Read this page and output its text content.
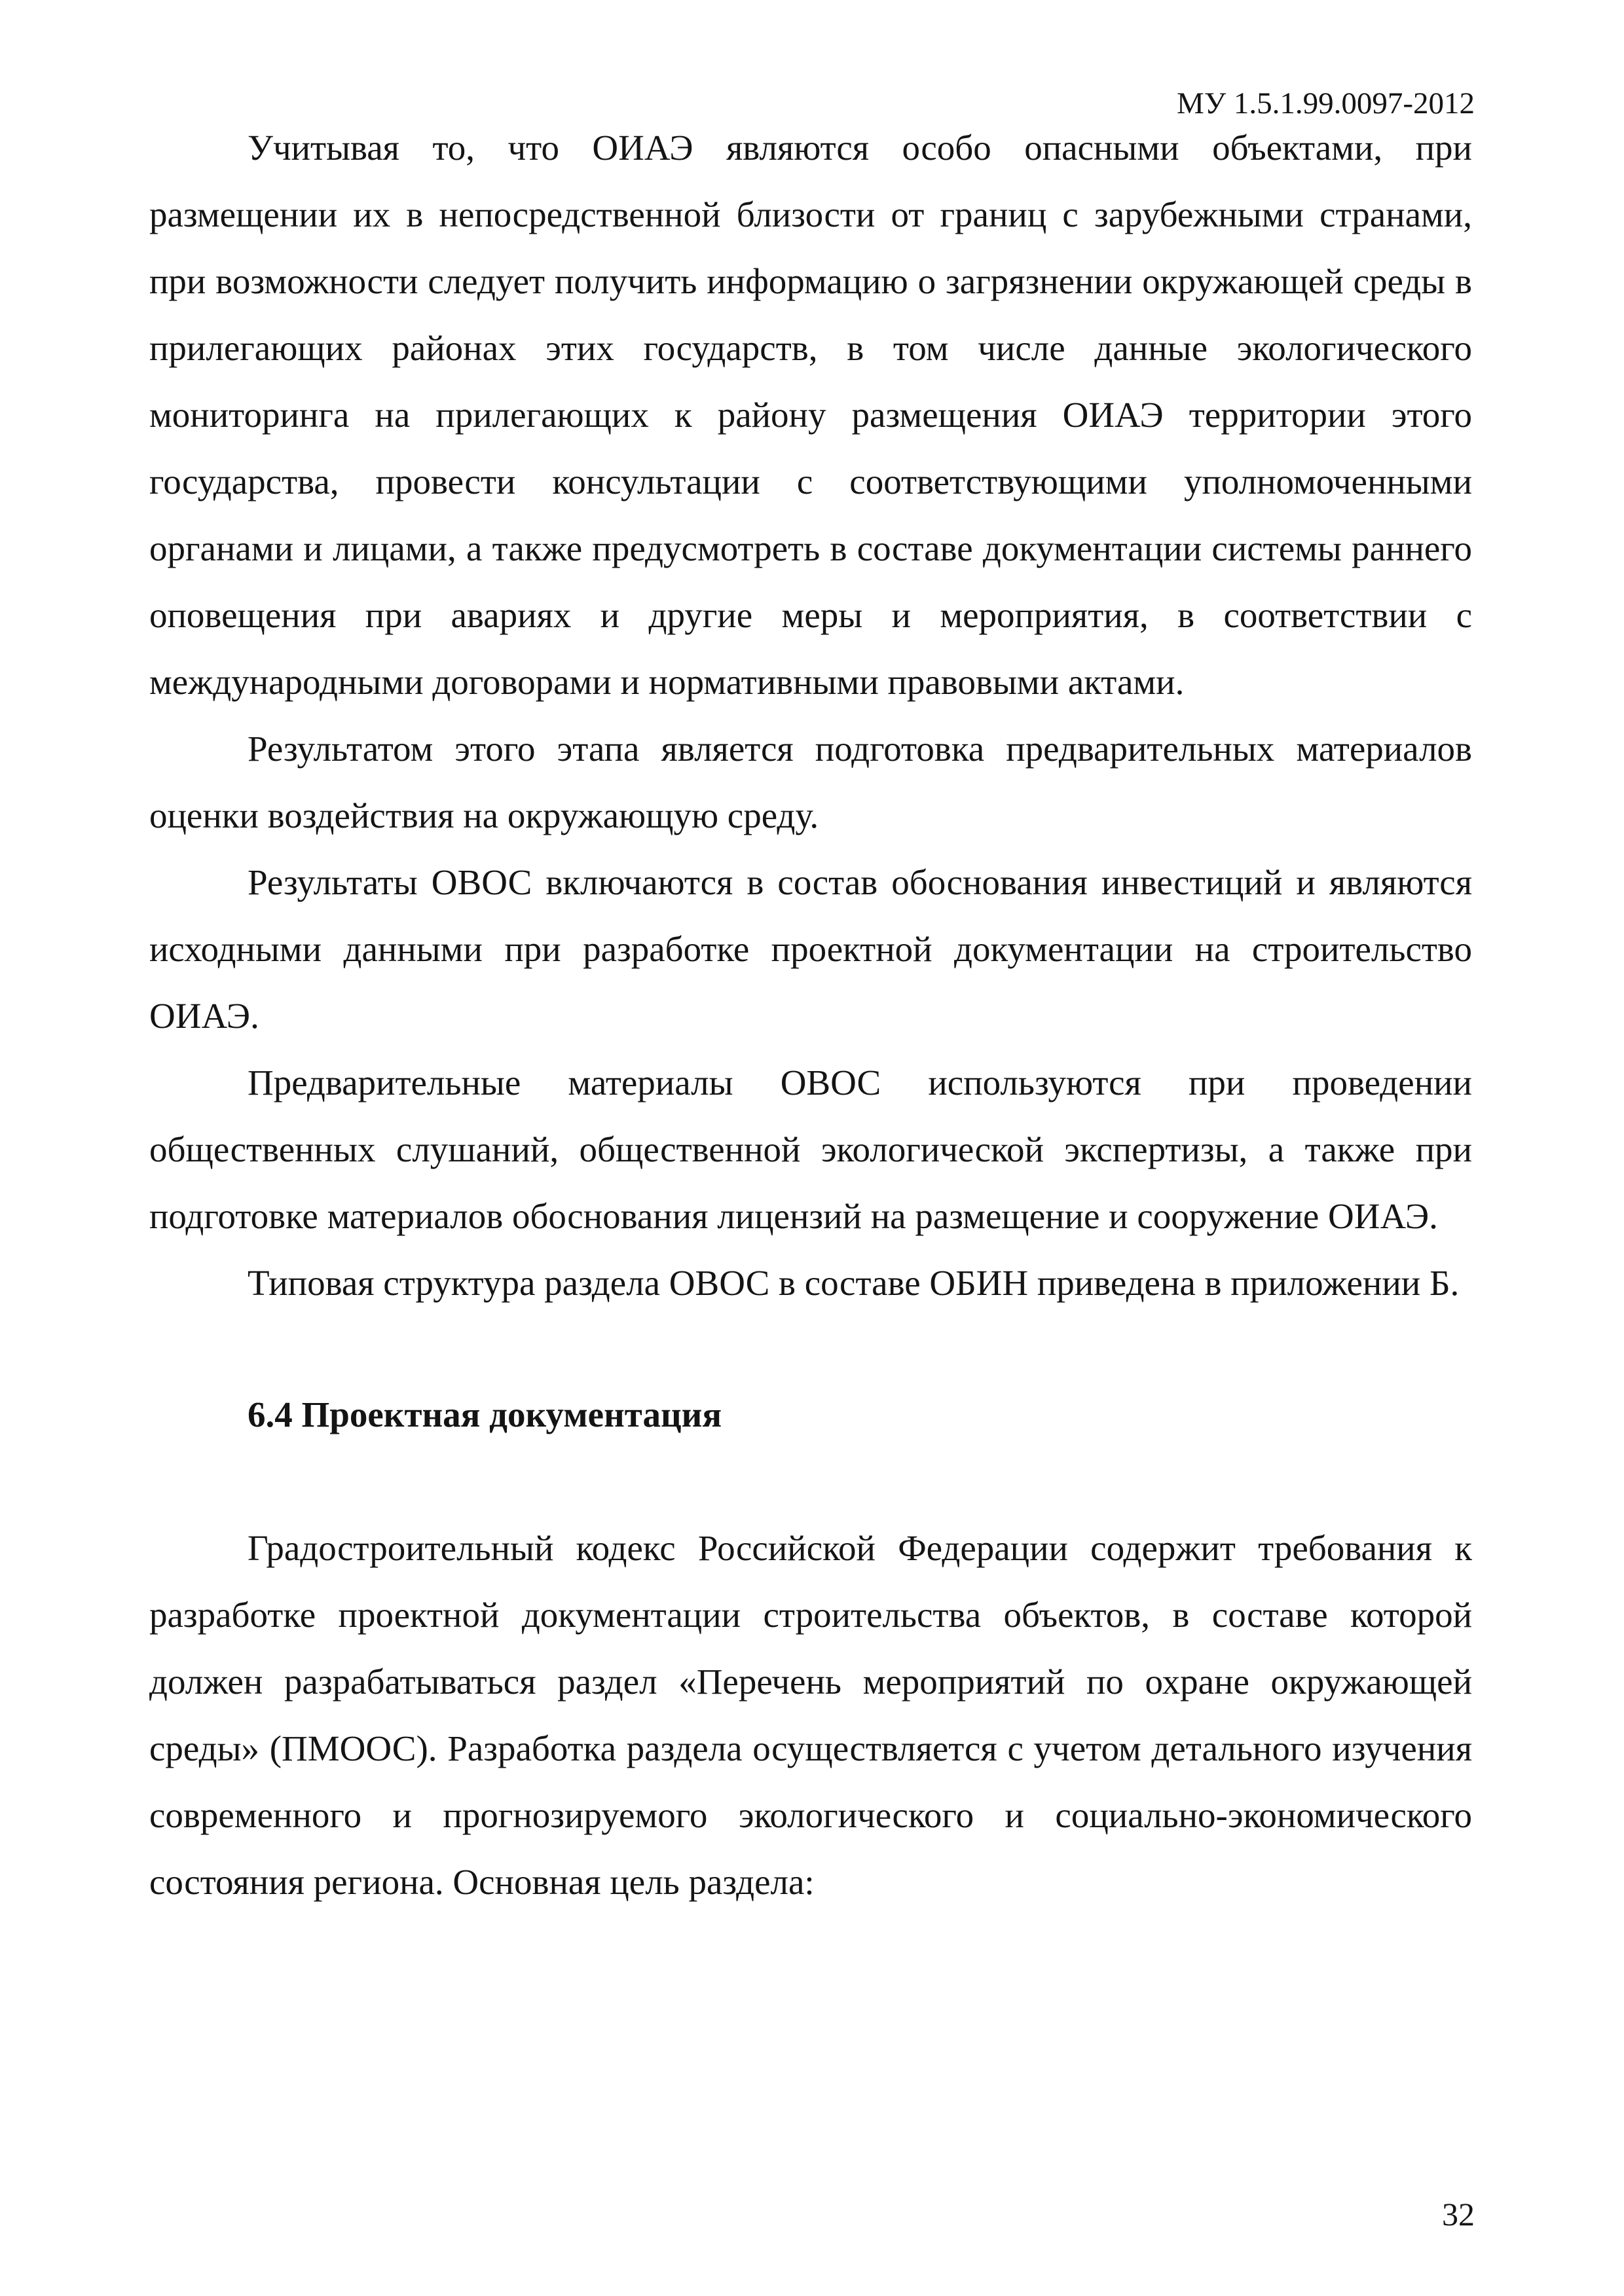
МУ 1.5.1.99.0097-2012

Учитывая то, что ОИАЭ являются особо опасными объектами, при размещении их в непосредственной близости от границ с зарубежными странами, при возможности следует получить информацию о загрязнении окружающей среды в прилегающих районах этих государств, в том числе данные экологического мониторинга на прилегающих к району размещения ОИАЭ территории этого государства, провести консультации с соответствующими уполномоченными органами и лицами, а также предусмотреть в составе документации системы раннего оповещения при авариях и другие меры и мероприятия, в соответствии с международными договорами и нормативными правовыми актами.

Результатом этого этапа является подготовка предварительных материалов оценки воздействия на окружающую среду.

Результаты ОВОС включаются в состав обоснования инвестиций и являются исходными данными при разработке проектной документации на строительство ОИАЭ.

Предварительные материалы ОВОС используются при проведении общественных слушаний, общественной экологической экспертизы, а также при подготовке материалов обоснования лицензий на размещение и сооружение ОИАЭ.

Типовая структура раздела ОВОС в составе ОБИН приведена в приложении Б.

6.4 Проектная документация

Градостроительный кодекс Российской Федерации содержит требования к разработке проектной документации строительства объектов, в составе которой должен разрабатываться раздел «Перечень мероприятий по охране окружающей среды» (ПМООС). Разработка раздела осуществляется с учетом детального изучения современного и прогнозируемого экологического и социально-экономического состояния региона. Основная цель раздела:

32
